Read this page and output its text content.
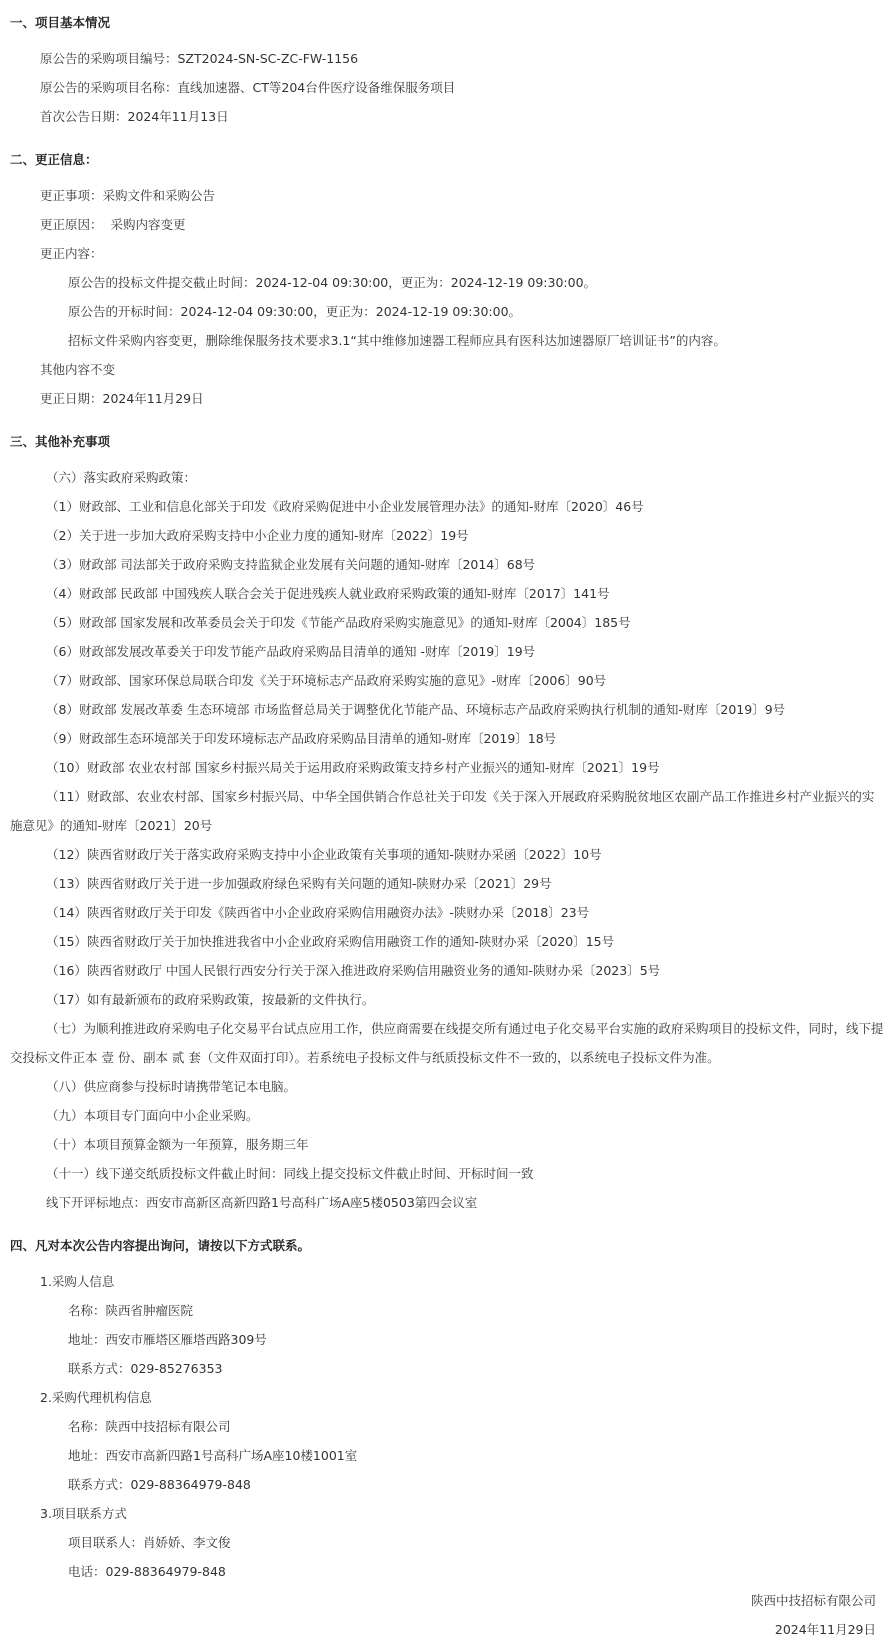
一、项目基本情况
原公告的采购项目编号：SZT2024-SN-SC-ZC-FW-1156
原公告的采购项目名称：直线加速器、CT等204台件医疗设备维保服务项目
首次公告日期：2024年11月13日
二、更正信息：
更正事项：采购文件和采购公告
更正原因：  采购内容变更
更正内容：
原公告的投标文件提交截止时间：2024-12-04 09:30:00，更正为：2024-12-19 09:30:00。
原公告的开标时间：2024-12-04 09:30:00，更正为：2024-12-19 09:30:00。
招标文件采购内容变更，删除维保服务技术要求3.1“其中维修加速器工程师应具有医科达加速器原厂培训证书”的内容。
其他内容不变
更正日期：2024年11月29日
三、其他补充事项
（六）落实政府采购政策：
（1）财政部、工业和信息化部关于印发《政府采购促进中小企业发展管理办法》的通知-财库〔2020〕46号
（2）关于进一步加大政府采购支持中小企业力度的通知-财库〔2022〕19号
（3）财政部 司法部关于政府采购支持监狱企业发展有关问题的通知-财库〔2014〕68号
（4）财政部 民政部 中国残疾人联合会关于促进残疾人就业政府采购政策的通知-财库〔2017〕141号
（5）财政部 国家发展和改革委员会关于印发《节能产品政府采购实施意见》的通知-财库〔2004〕185号
（6）财政部发展改革委关于印发节能产品政府采购品目清单的通知 -财库〔2019〕19号
（7）财政部、国家环保总局联合印发《关于环境标志产品政府采购实施的意见》-财库〔2006〕90号
（8）财政部 发展改革委 生态环境部 市场监督总局关于调整优化节能产品、环境标志产品政府采购执行机制的通知-财库〔2019〕9号
（9）财政部生态环境部关于印发环境标志产品政府采购品目清单的通知-财库〔2019〕18号
（10）财政部 农业农村部 国家乡村振兴局关于运用政府采购政策支持乡村产业振兴的通知-财库〔2021〕19号
（11）财政部、农业农村部、国家乡村振兴局、中华全国供销合作总社关于印发《关于深入开展政府采购脱贫地区农副产品工作推进乡村产业振兴的实施意见》的通知-财库〔2021〕20号
（12）陕西省财政厅关于落实政府采购支持中小企业政策有关事项的通知-陕财办采函〔2022〕10号
（13）陕西省财政厅关于进一步加强政府绿色采购有关问题的通知-陕财办采〔2021〕29号
（14）陕西省财政厅关于印发《陕西省中小企业政府采购信用融资办法》-陕财办采〔2018〕23号
（15）陕西省财政厅关于加快推进我省中小企业政府采购信用融资工作的通知-陕财办采〔2020〕15号
（16）陕西省财政厅 中国人民银行西安分行关于深入推进政府采购信用融资业务的通知-陕财办采〔2023〕5号
（17）如有最新颁布的政府采购政策，按最新的文件执行。
（七）为顺利推进政府采购电子化交易平台试点应用工作，供应商需要在线提交所有通过电子化交易平台实施的政府采购项目的投标文件，同时，线下提交投标文件正本 壹 份、副本 贰 套（文件双面打印）。若系统电子投标文件与纸质投标文件不一致的，以系统电子投标文件为准。
（八）供应商参与投标时请携带笔记本电脑。
（九）本项目专门面向中小企业采购。
（十）本项目预算金额为一年预算，服务期三年
（十一）线下递交纸质投标文件截止时间：同线上提交投标文件截止时间、开标时间一致
线下开评标地点：西安市高新区高新四路1号高科广场A座5楼0503第四会议室
四、凡对本次公告内容提出询问，请按以下方式联系。
1.采购人信息
名称：陕西省肿瘤医院
地址：西安市雁塔区雁塔西路309号
联系方式：029-85276353
2.采购代理机构信息
名称：陕西中技招标有限公司
地址：西安市高新四路1号高科广场A座10楼1001室
联系方式：029-88364979-848
3.项目联系方式
项目联系人：肖娇娇、李文俊
电话：029-88364979-848
陕西中技招标有限公司
2024年11月29日
